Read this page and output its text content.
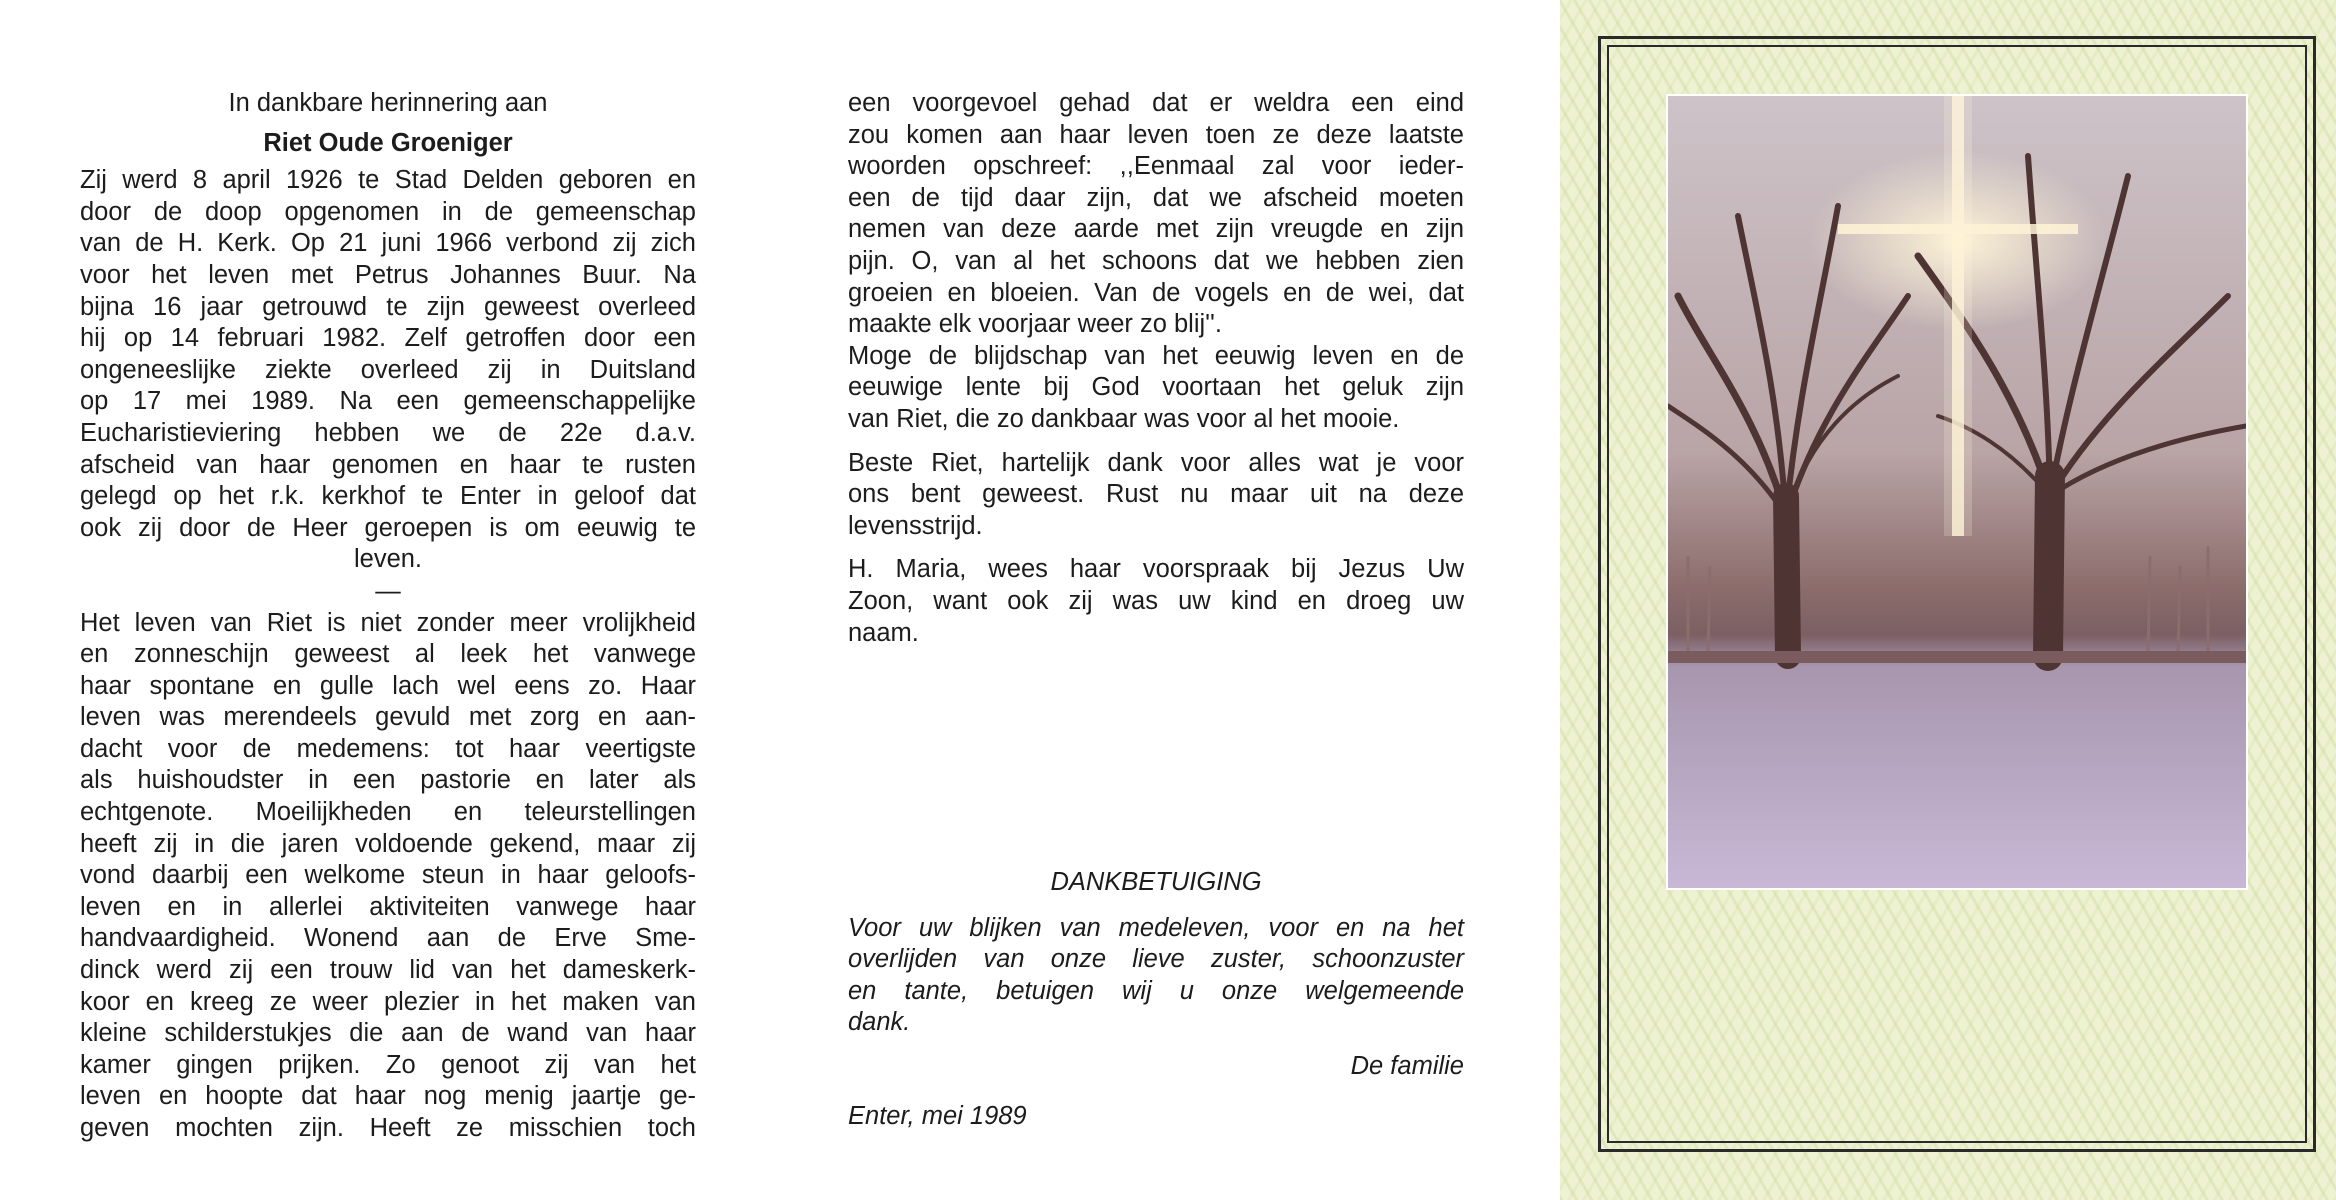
In dankbare herinnering aan
Riet Oude Groeniger
Zij werd 8 april 1926 te Stad Delden geboren en
door de doop opgenomen in de gemeenschap
van de H. Kerk. Op 21 juni 1966 verbond zij zich
voor het leven met Petrus Johannes Buur. Na
bijna 16 jaar getrouwd te zijn geweest overleed
hij op 14 februari 1982. Zelf getroffen door een
ongeneeslijke ziekte overleed zij in Duitsland
op 17 mei 1989. Na een gemeenschappelijke
Eucharistieviering hebben we de 22e d.a.v.
afscheid van haar genomen en haar te rusten
gelegd op het r.k. kerkhof te Enter in geloof dat
ook zij door de Heer geroepen is om eeuwig te
leven.
—
Het leven van Riet is niet zonder meer vrolijkheid
en zonneschijn geweest al leek het vanwege
haar spontane en gulle lach wel eens zo. Haar
leven was merendeels gevuld met zorg en aan-
dacht voor de medemens: tot haar veertigste
als huishoudster in een pastorie en later als
echtgenote. Moeilijkheden en teleurstellingen
heeft zij in die jaren voldoende gekend, maar zij
vond daarbij een welkome steun in haar geloofs-
leven en in allerlei aktiviteiten vanwege haar
handvaardigheid. Wonend aan de Erve Sme-
dinck werd zij een trouw lid van het dameskerk-
koor en kreeg ze weer plezier in het maken van
kleine schilderstukjes die aan de wand van haar
kamer gingen prijken. Zo genoot zij van het
leven en hoopte dat haar nog menig jaartje ge-
geven mochten zijn. Heeft ze misschien toch
een voorgevoel gehad dat er weldra een eind
zou komen aan haar leven toen ze deze laatste
woorden opschreef: ,,Eenmaal zal voor ieder-
een de tijd daar zijn, dat we afscheid moeten
nemen van deze aarde met zijn vreugde en zijn
pijn. O, van al het schoons dat we hebben zien
groeien en bloeien. Van de vogels en de wei, dat
maakte elk voorjaar weer zo blij''.
Moge de blijdschap van het eeuwig leven en de
eeuwige lente bij God voortaan het geluk zijn
van Riet, die zo dankbaar was voor al het mooie.
Beste Riet, hartelijk dank voor alles wat je voor
ons bent geweest. Rust nu maar uit na deze
levensstrijd.
H. Maria, wees haar voorspraak bij Jezus Uw
Zoon, want ook zij was uw kind en droeg uw
naam.
DANKBETUIGING
Voor uw blijken van medeleven, voor en na het
overlijden van onze lieve zuster, schoonzuster
en tante, betuigen wij u onze welgemeende
dank.
De familie
Enter, mei 1989
